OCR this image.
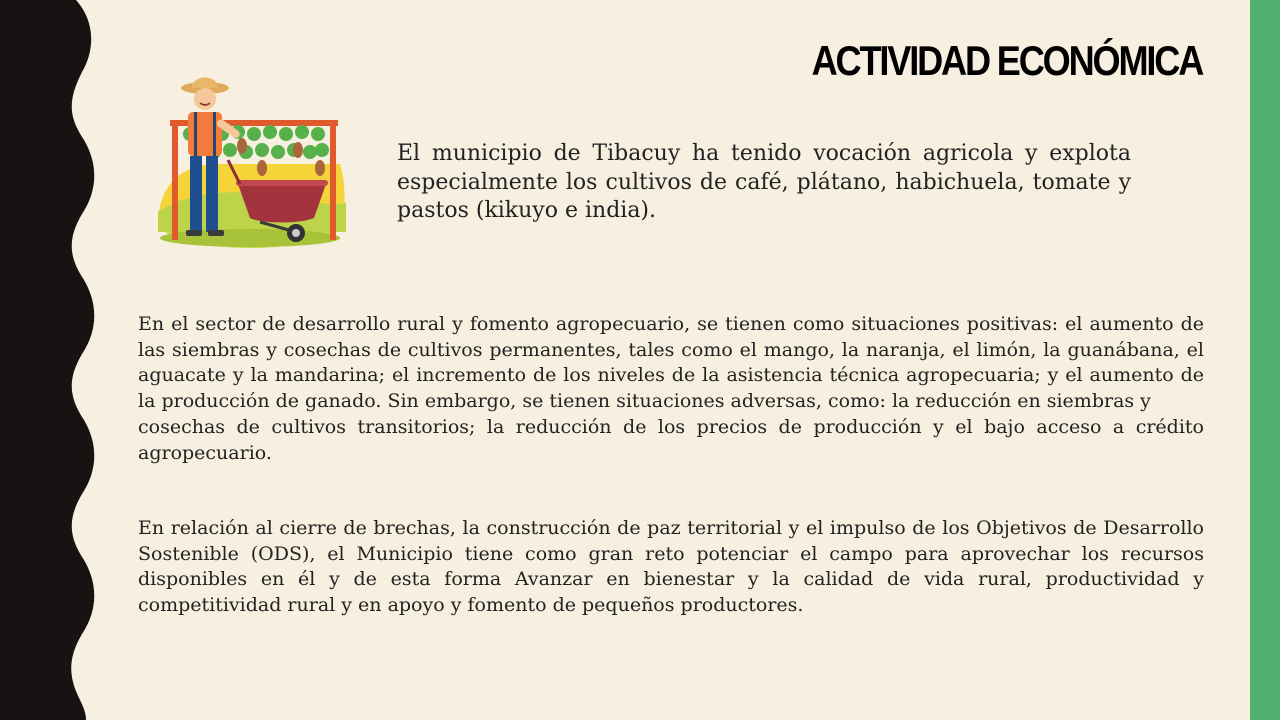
ACTIVIDAD ECONÓMICA

El municipio de Tibacuy ha tenido vocación agricola y explota especialmente los cultivos de café, plátano, habichuela, tomate y pastos (kikuyo e india).

En el sector de desarrollo rural y fomento agropecuario, se tienen como situaciones positivas: el aumento de las siembras y cosechas de cultivos permanentes, tales como el mango, la naranja, el limón, la guanábana, el aguacate y la mandarina; el incremento de los niveles de la asistencia técnica agropecuaria; y el aumento de la producción de ganado. Sin embargo, se tienen situaciones adversas, como: la reducción en siembras y
cosechas de cultivos transitorios; la reducción de los precios de producción y el bajo acceso a crédito agropecuario.

En relación al cierre de brechas, la construcción de paz territorial y el impulso de los Objetivos de Desarrollo Sostenible (ODS), el Municipio tiene como gran reto potenciar el campo para aprovechar los recursos disponibles en él y de esta forma Avanzar en bienestar y la calidad de vida rural, productividad y competitividad rural y en apoyo y fomento de pequeños productores.
